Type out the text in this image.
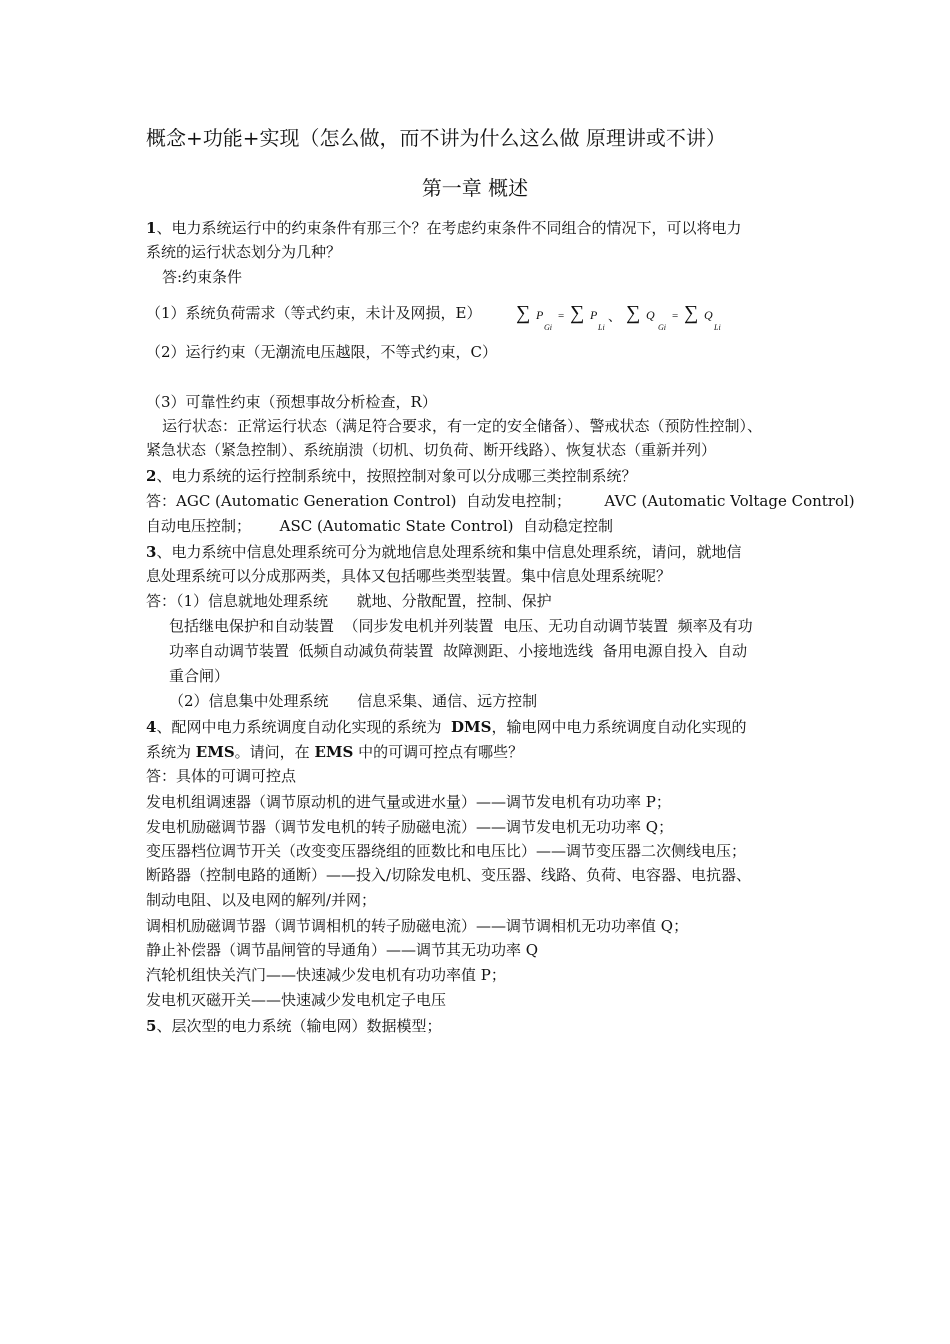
概念+功能+实现（怎么做，而不讲为什么这么做 原理讲或不讲）
第一章 概述
1、电力系统运行中的约束条件有那三个？在考虑约束条件不同组合的情况下，可以将电力
系统的运行状态划分为几种？
答:约束条件
（1）系统负荷需求（等式约束，未计及网损，E） ∑ P
Gi
= ∑ P
Li
、 ∑ Q
Gi
= ∑ Q
Li
（2）运行约束（无潮流电压越限，不等式约束，C）
（3）可靠性约束（预想事故分析检查，R）
运行状态：正常运行状态（满足符合要求，有一定的安全储备）、警戒状态（预防性控制）、
紧急状态（紧急控制）、系统崩溃（切机、切负荷、断开线路）、恢复状态（重新并列）
2、电力系统的运行控制系统中，按照控制对象可以分成哪三类控制系统？
答：AGC (Automatic Generation Control)  自动发电控制；       AVC (Automatic Voltage Control)
自动电压控制；      ASC (Automatic State Control)  自动稳定控制
3、电力系统中信息处理系统可分为就地信息处理系统和集中信息处理系统，请问，就地信
息处理系统可以分成那两类，具体又包括哪些类型装置。集中信息处理系统呢？
答：（1）信息就地处理系统      就地、分散配置，控制、保护
包括继电保护和自动装置  （同步发电机并列装置  电压、无功自动调节装置  频率及有功
功率自动调节装置  低频自动减负荷装置  故障测距、小接地选线  备用电源自投入  自动
重合闸）
（2）信息集中处理系统      信息采集、通信、远方控制
4、配网中电力系统调度自动化实现的系统为  DMS，输电网中电力系统调度自动化实现的
系统为 EMS。请问，在 EMS 中的可调可控点有哪些？
答：具体的可调可控点
发电机组调速器（调节原动机的进气量或进水量）——调节发电机有功功率 P；
发电机励磁调节器（调节发电机的转子励磁电流）——调节发电机无功功率 Q；
变压器档位调节开关（改变变压器绕组的匝数比和电压比）——调节变压器二次侧线电压；
断路器（控制电路的通断）——投入/切除发电机、变压器、线路、负荷、电容器、电抗器、
制动电阻、以及电网的解列/并网；
调相机励磁调节器（调节调相机的转子励磁电流）——调节调相机无功功率值 Q；
静止补偿器（调节晶闸管的导通角）——调节其无功功率 Q
汽轮机组快关汽门——快速减少发电机有功功率值 P；
发电机灭磁开关——快速减少发电机定子电压
5、层次型的电力系统（输电网）数据模型；
